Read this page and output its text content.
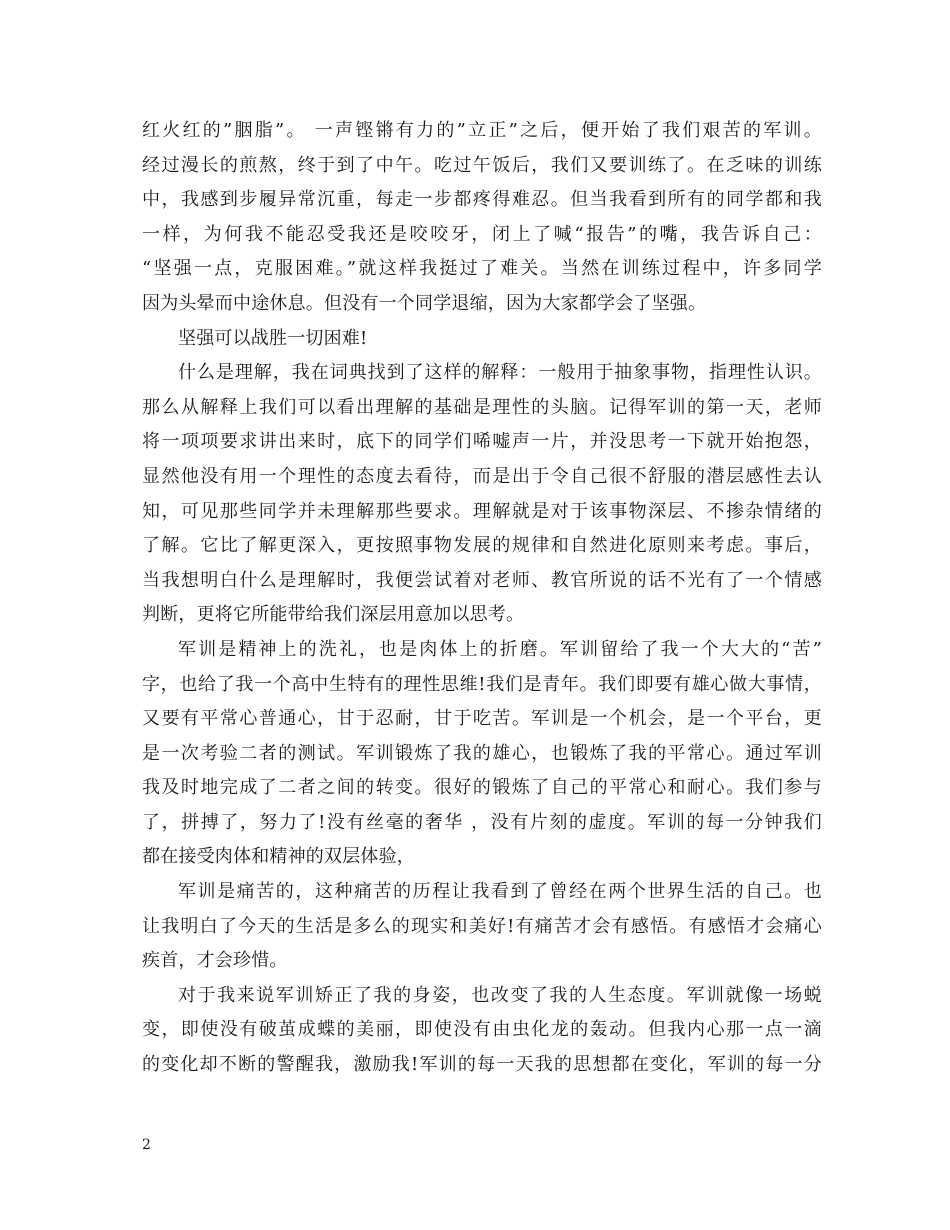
红火红的”胭脂”。 一声铿锵有力的”立正”之后，便开始了我们艰苦的军训。
经过漫长的煎熬，终于到了中午。吃过午饭后，我们又要训练了。在乏味的训练
中，我感到步履异常沉重，每走一步都疼得难忍。但当我看到所有的同学都和我
一样，为何我不能忍受我还是咬咬牙，闭上了喊“报告”的嘴，我告诉自己：
“坚强一点，克服困难。”就这样我挺过了难关。当然在训练过程中，许多同学
因为头晕而中途休息。但没有一个同学退缩，因为大家都学会了坚强。
坚强可以战胜一切困难!
什么是理解，我在词典找到了这样的解释：一般用于抽象事物，指理性认识。
那么从解释上我们可以看出理解的基础是理性的头脑。记得军训的第一天，老师
将一项项要求讲出来时，底下的同学们唏嘘声一片，并没思考一下就开始抱怨，
显然他没有用一个理性的态度去看待，而是出于令自己很不舒服的潜层感性去认
知，可见那些同学并未理解那些要求。理解就是对于该事物深层、不掺杂情绪的
了解。它比了解更深入，更按照事物发展的规律和自然进化原则来考虑。事后，
当我想明白什么是理解时，我便尝试着对老师、教官所说的话不光有了一个情感
判断，更将它所能带给我们深层用意加以思考。
军训是精神上的洗礼，也是肉体上的折磨。军训留给了我一个大大的“苦”
字，也给了我一个高中生特有的理性思维!我们是青年。我们即要有雄心做大事情，
又要有平常心普通心，甘于忍耐，甘于吃苦。军训是一个机会，是一个平台，更
是一次考验二者的测试。军训锻炼了我的雄心，也锻炼了我的平常心。通过军训
我及时地完成了二者之间的转变。很好的锻炼了自己的平常心和耐心。我们参与
了，拼搏了，努力了!没有丝毫的奢华 ，没有片刻的虚度。军训的每一分钟我们
都在接受肉体和精神的双层体验，
军训是痛苦的，这种痛苦的历程让我看到了曾经在两个世界生活的自己。也
让我明白了今天的生活是多么的现实和美好!有痛苦才会有感悟。有感悟才会痛心
疾首，才会珍惜。
对于我来说军训矫正了我的身姿，也改变了我的人生态度。军训就像一场蜕
变，即使没有破茧成蝶的美丽，即使没有由虫化龙的轰动。但我内心那一点一滴
的变化却不断的警醒我，激励我!军训的每一天我的思想都在变化，军训的每一分
2
